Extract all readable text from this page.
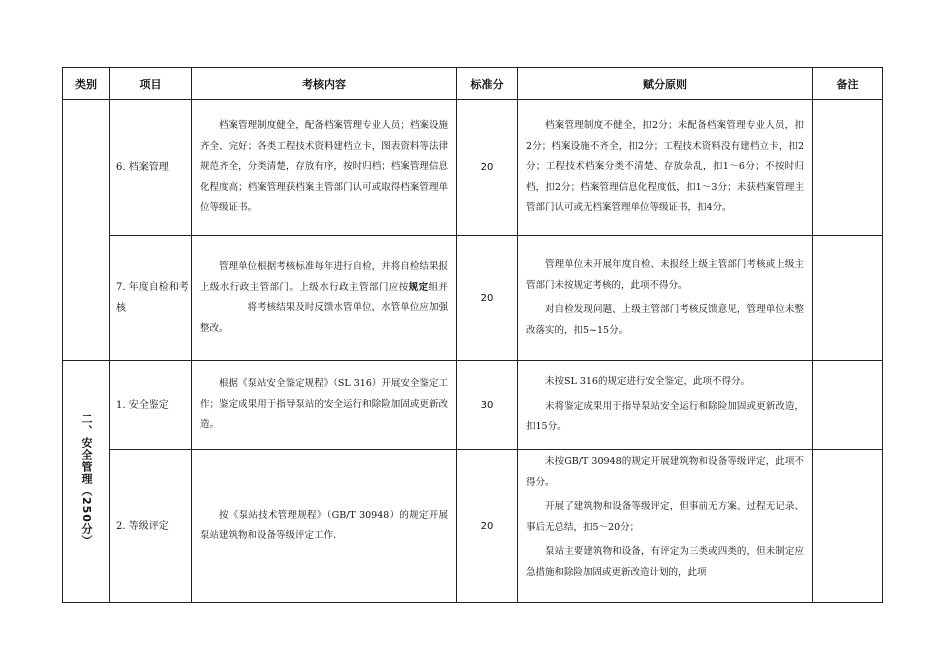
类别	项目	考核内容	标准分	赋分原则	备注
	6. 档案管理	档案管理制度健全，配备档案管理专业人员；档案设施齐全、完好；各类工程技术资料建档立卡，图表资料等法律规范齐全，分类清楚，存放有序，按时归档；档案管理信息化程度高；档案管理获档案主管部门认可或取得档案管理单位等级证书。	20	档案管理制度不健全，扣2分；未配备档案管理专业人员，扣2分；档案设施不齐全，扣2分；工程技术资料没有建档立卡，扣2分；工程技术档案分类不清楚、存放杂乱，扣1～6分；不按时归档，扣2分；档案管理信息化程度低，扣1～3分；未获档案管理主管部门认可或无档案管理单位等级证书，扣4分。	

	7. 年度自检和考核	管理单位根据考核标准每年进行自检，并将自检结果报上级水行政主管部门。上级水行政主管部门应按规定组并将考核结果及时反馈水管单位，水管单位应加强整改。	20	管理单位未开展年度自检、未报经上级主管部门考核或上级主管部门未按规定考核的，此项不得分。

对自检发现问题、上级主管部门考核反馈意见，管理单位未整改落实的，扣5~15分。	

二、安全管理（250分）	1. 安全鉴定	根据《泵站安全鉴定规程》（SL 316）开展安全鉴定工作；鉴定成果用于指导泵站的安全运行和除险加固或更新改造。	30	未按SL 316的规定进行安全鉴定，此项不得分。

未将鉴定成果用于指导泵站安全运行和除险加固或更新改造，扣15分。	

	2. 等级评定	按《泵站技术管理规程》（GB/T 30948）的规定开展泵站建筑物和设备等级评定工作.	20	未按GB/T 30948的规定开展建筑物和设备等级评定，此项不得分。

开展了建筑物和设备等级评定，但事前无方案、过程无记录、事后无总结，扣5～20分；

泵站主要建筑物和设备，有评定为三类或四类的，但未制定应急措施和除险加固或更新改造计划的，此项	
